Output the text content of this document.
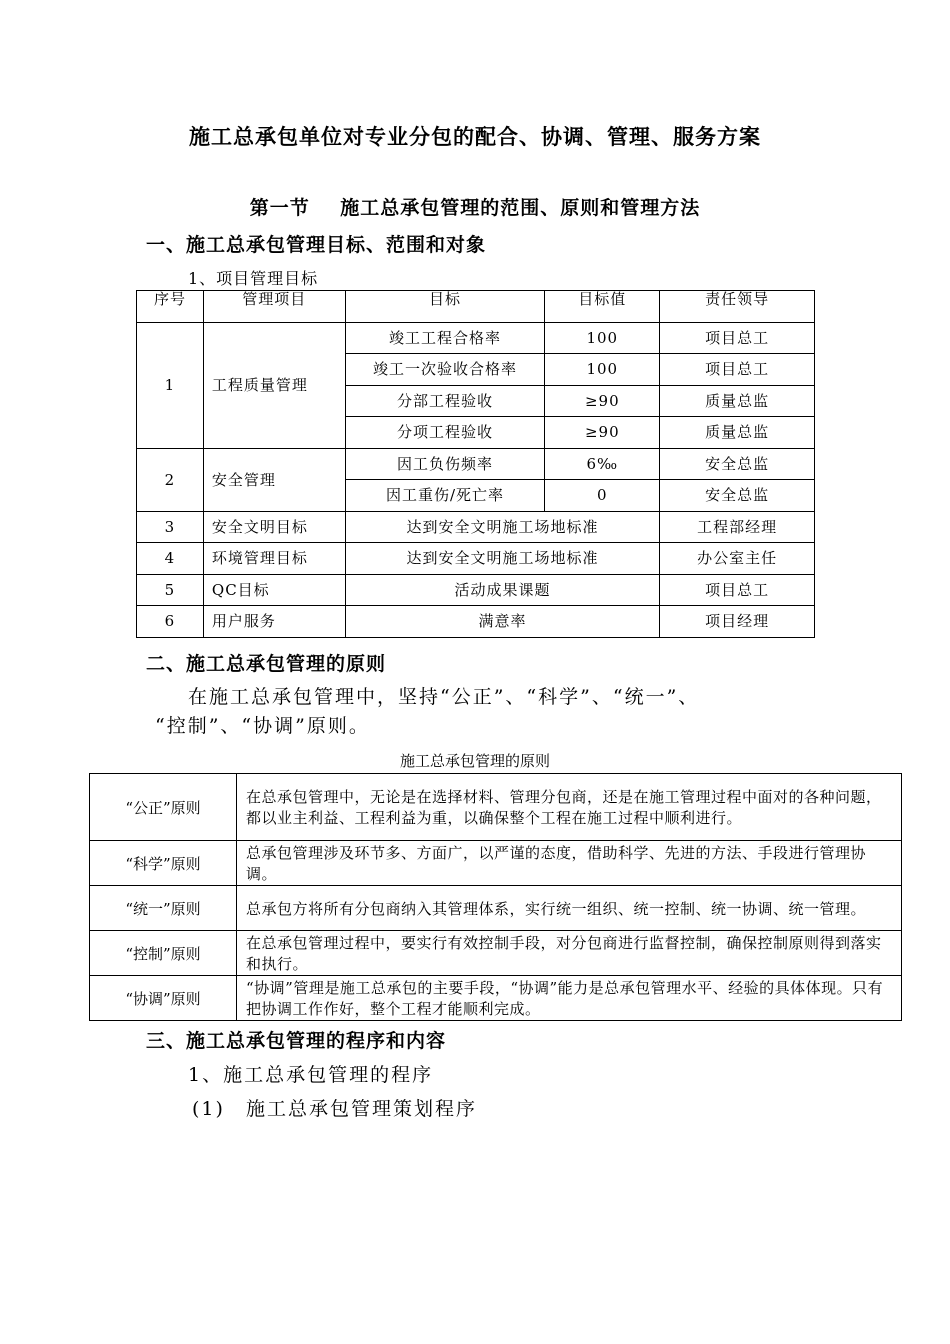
施工总承包单位对专业分包的配合、协调、管理、服务方案
第一节    施工总承包管理的范围、原则和管理方法
一、施工总承包管理目标、范围和对象
1、项目管理目标
序号	管理项目	目标	目标值	责任领导
1	工程质量管理	竣工工程合格率	100	项目总工
		竣工一次验收合格率	100	项目总工
		分部工程验收	≥90	质量总监
		分项工程验收	≥90	质量总监
2	安全管理	因工负伤频率	6‰	安全总监
		因工重伤/死亡率	0	安全总监
3	安全文明目标	达到安全文明施工场地标准		工程部经理
4	环境管理目标	达到安全文明施工场地标准		办公室主任
5	QC目标	活动成果课题		项目总工
6	用户服务	满意率		项目经理
二、施工总承包管理的原则
在施工总承包管理中，坚持“公正”、“科学”、“统一”、
“控制”、“协调”原则。
施工总承包管理的原则
“公正”原则	在总承包管理中，无论是在选择材料、管理分包商，还是在施工管理过程中面对的各种问题，都以业主利益、工程利益为重，以确保整个工程在施工过程中顺利进行。
“科学”原则	总承包管理涉及环节多、方面广，以严谨的态度，借助科学、先进的方法、手段进行管理协调。
“统一”原则	总承包方将所有分包商纳入其管理体系，实行统一组织、统一控制、统一协调、统一管理。
“控制”原则	在总承包管理过程中，要实行有效控制手段，对分包商进行监督控制，确保控制原则得到落实和执行。
“协调”原则	“协调”管理是施工总承包的主要手段，“协调”能力是总承包管理水平、经验的具体体现。只有把协调工作作好，整个工程才能顺利完成。
三、施工总承包管理的程序和内容
1、施工总承包管理的程序
(1) 施工总承包管理策划程序
